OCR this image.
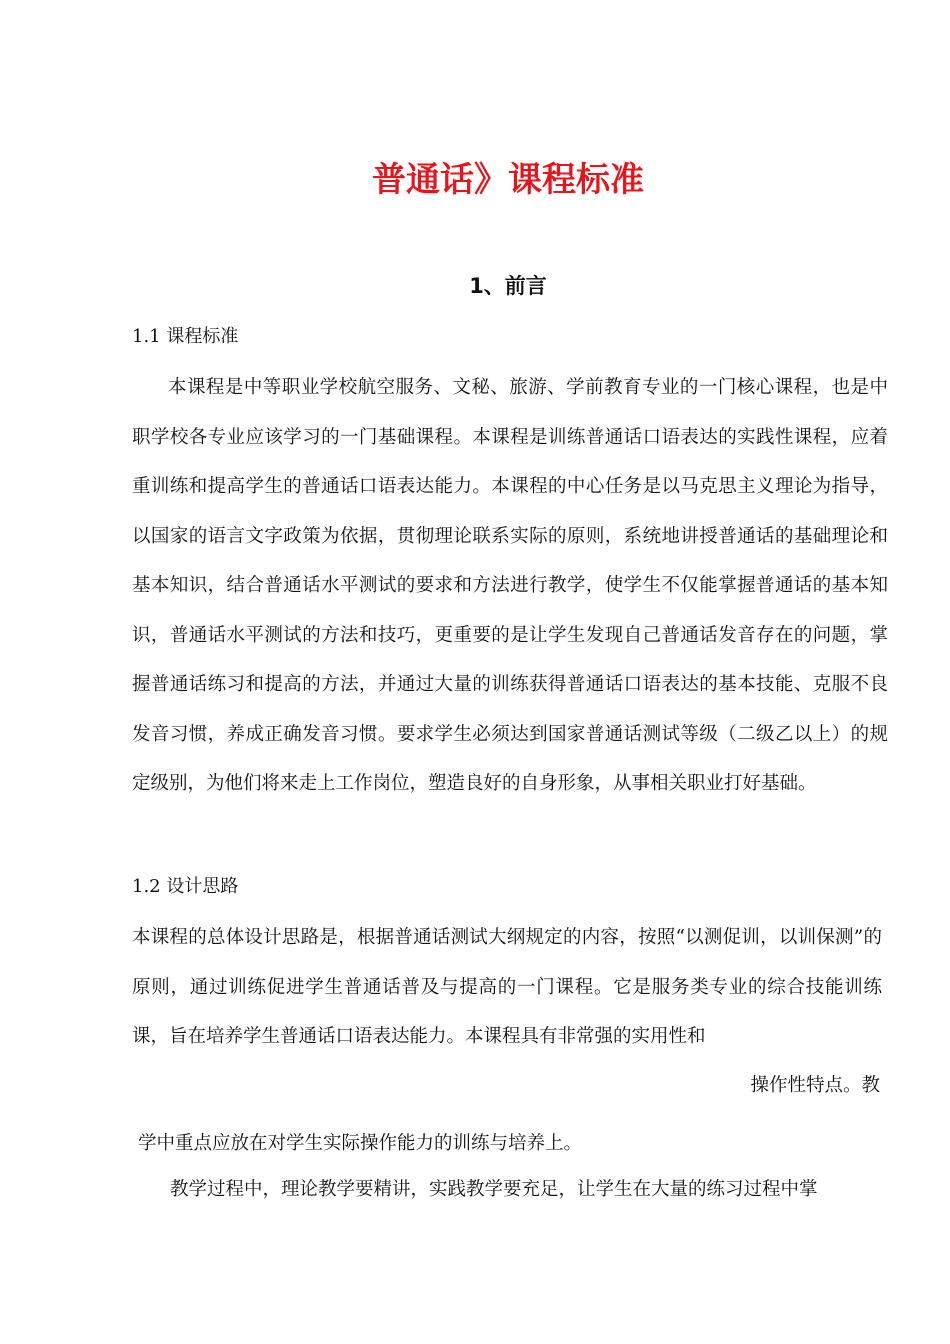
普通话》课程标准
1、前言

1.1 课程标准

本课程是中等职业学校航空服务、文秘、旅游、学前教育专业的一门核心课程，也是中职学校各专业应该学习的一门基础课程。本课程是训练普通话口语表达的实践性课程，应着重训练和提高学生的普通话口语表达能力。本课程的中心任务是以马克思主义理论为指导，以国家的语言文字政策为依据，贯彻理论联系实际的原则，系统地讲授普通话的基础理论和基本知识，结合普通话水平测试的要求和方法进行教学，使学生不仅能掌握普通话的基本知识，普通话水平测试的方法和技巧，更重要的是让学生发现自己普通话发音存在的问题，掌握普通话练习和提高的方法，并通过大量的训练获得普通话口语表达的基本技能、克服不良发音习惯，养成正确发音习惯。要求学生必须达到国家普通话测试等级（二级乙以上）的规定级别，为他们将来走上工作岗位，塑造良好的自身形象，从事相关职业打好基础。

1.2 设计思路

本课程的总体设计思路是，根据普通话测试大纲规定的内容，按照“以测促训，以训保测”的原则，通过训练促进学生普通话普及与提高的一门课程。它是服务类专业的综合技能训练课，旨在培养学生普通话口语表达能力。本课程具有非常强的实用性和

操作性特点。教

学中重点应放在对学生实际操作能力的训练与培养上。

教学过程中，理论教学要精讲，实践教学要充足，让学生在大量的练习过程中掌
